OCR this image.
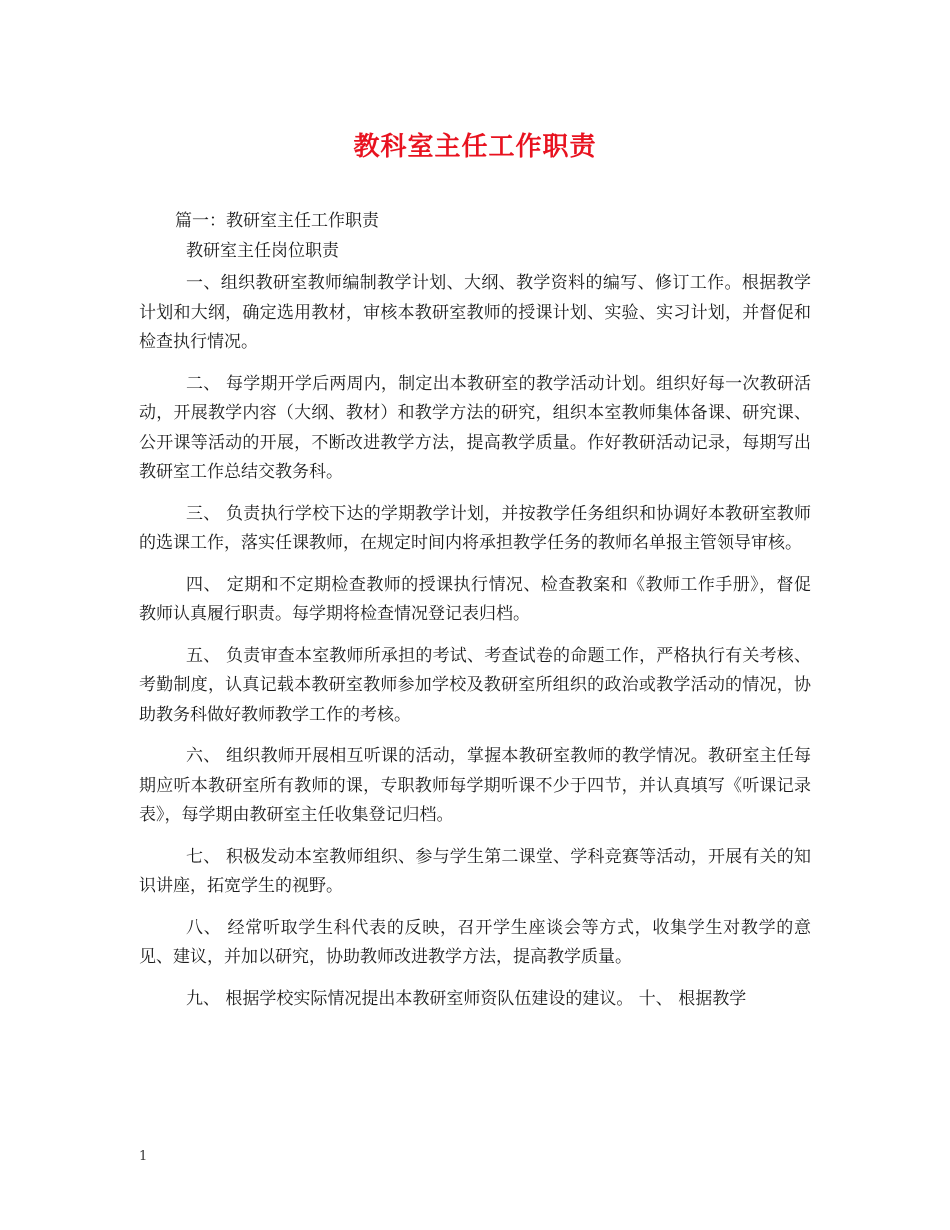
教科室主任工作职责
篇一：教研室主任工作职责
教研室主任岗位职责

一、组织教研室教师编制教学计划、大纲、教学资料的编写、修订工作。根据教学计划和大纲，确定选用教材，审核本教研室教师的授课计划、实验、实习计划，并督促和检查执行情况。

二、 每学期开学后两周内，制定出本教研室的教学活动计划。组织好每一次教研活动，开展教学内容（大纲、教材）和教学方法的研究，组织本室教师集体备课、研究课、公开课等活动的开展，不断改进教学方法，提高教学质量。作好教研活动记录，每期写出教研室工作总结交教务科。

三、 负责执行学校下达的学期教学计划，并按教学任务组织和协调好本教研室教师的选课工作，落实任课教师，在规定时间内将承担教学任务的教师名单报主管领导审核。

四、 定期和不定期检查教师的授课执行情况、检查教案和《教师工作手册》，督促教师认真履行职责。每学期将检查情况登记表归档。

五、 负责审查本室教师所承担的考试、考查试卷的命题工作，严格执行有关考核、考勤制度，认真记载本教研室教师参加学校及教研室所组织的政治或教学活动的情况，协助教务科做好教师教学工作的考核。

六、 组织教师开展相互听课的活动，掌握本教研室教师的教学情况。教研室主任每期应听本教研室所有教师的课，专职教师每学期听课不少于四节，并认真填写《听课记录表》，每学期由教研室主任收集登记归档。

七、 积极发动本室教师组织、参与学生第二课堂、学科竞赛等活动，开展有关的知识讲座，拓宽学生的视野。

八、 经常听取学生科代表的反映，召开学生座谈会等方式，收集学生对教学的意见、建议，并加以研究，协助教师改进教学方法，提高教学质量。

九、 根据学校实际情况提出本教研室师资队伍建设的建议。 十、 根据教学

1
